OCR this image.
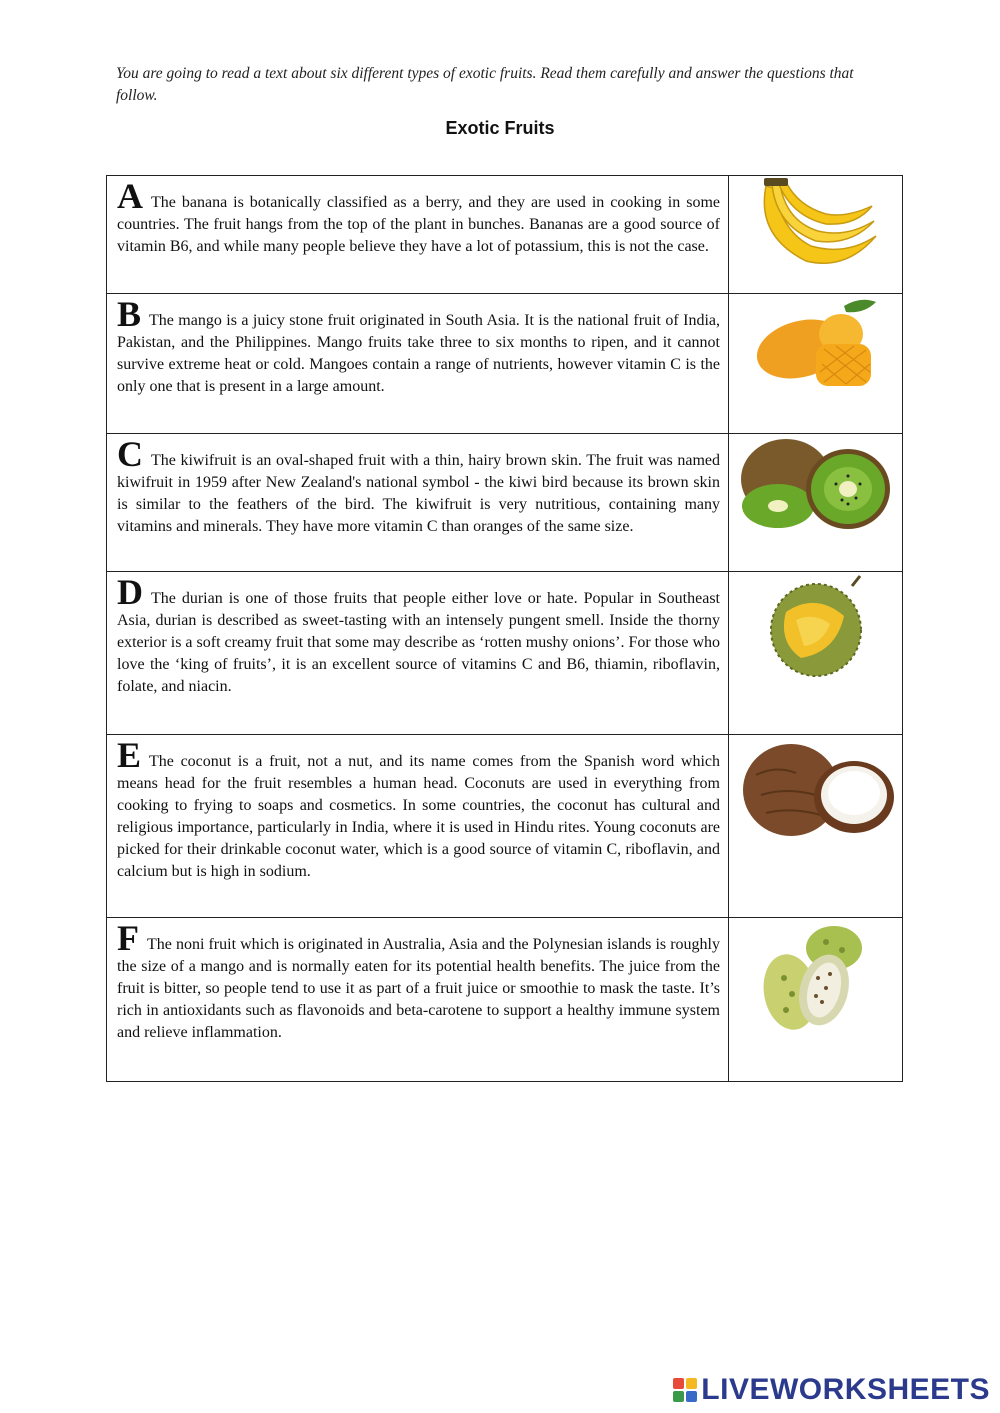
You are going to read a text about six different types of exotic fruits. Read them carefully and answer the questions that follow.
Exotic Fruits
A The banana is botanically classified as a berry, and they are used in cooking in some countries. The fruit hangs from the top of the plant in bunches. Bananas are a good source of vitamin B6, and while many people believe they have a lot of potassium, this is not the case.

B The mango is a juicy stone fruit originated in South Asia. It is the national fruit of India, Pakistan, and the Philippines. Mango fruits take three to six months to ripen, and it cannot survive extreme heat or cold. Mangoes contain a range of nutrients, however vitamin C is the only one that is present in a large amount.

C The kiwifruit is an oval-shaped fruit with a thin, hairy brown skin. The fruit was named kiwifruit in 1959 after New Zealand's national symbol - the kiwi bird because its brown skin is similar to the feathers of the bird. The kiwifruit is very nutritious, containing many vitamins and minerals. They have more vitamin C than oranges of the same size.

D The durian is one of those fruits that people either love or hate. Popular in Southeast Asia, durian is described as sweet-tasting with an intensely pungent smell. Inside the thorny exterior is a soft creamy fruit that some may describe as ‘rotten mushy onions’. For those who love the ‘king of fruits’, it is an excellent source of vitamins C and B6, thiamin, riboflavin, folate, and niacin.

E The coconut is a fruit, not a nut, and its name comes from the Spanish word which means head for the fruit resembles a human head. Coconuts are used in everything from cooking to frying to soaps and cosmetics. In some countries, the coconut has cultural and religious importance, particularly in India, where it is used in Hindu rites. Young coconuts are picked for their drinkable coconut water, which is a good source of vitamin C, riboflavin, and calcium but is high in sodium.

F The noni fruit which is originated in Australia, Asia and the Polynesian islands is roughly the size of a mango and is normally eaten for its potential health benefits. The juice from the fruit is bitter, so people tend to use it as part of a fruit juice or smoothie to mask the taste. It’s rich in antioxidants such as flavonoids and beta-carotene to support a healthy immune system and relieve inflammation.

LIVEWORKSHEETS
